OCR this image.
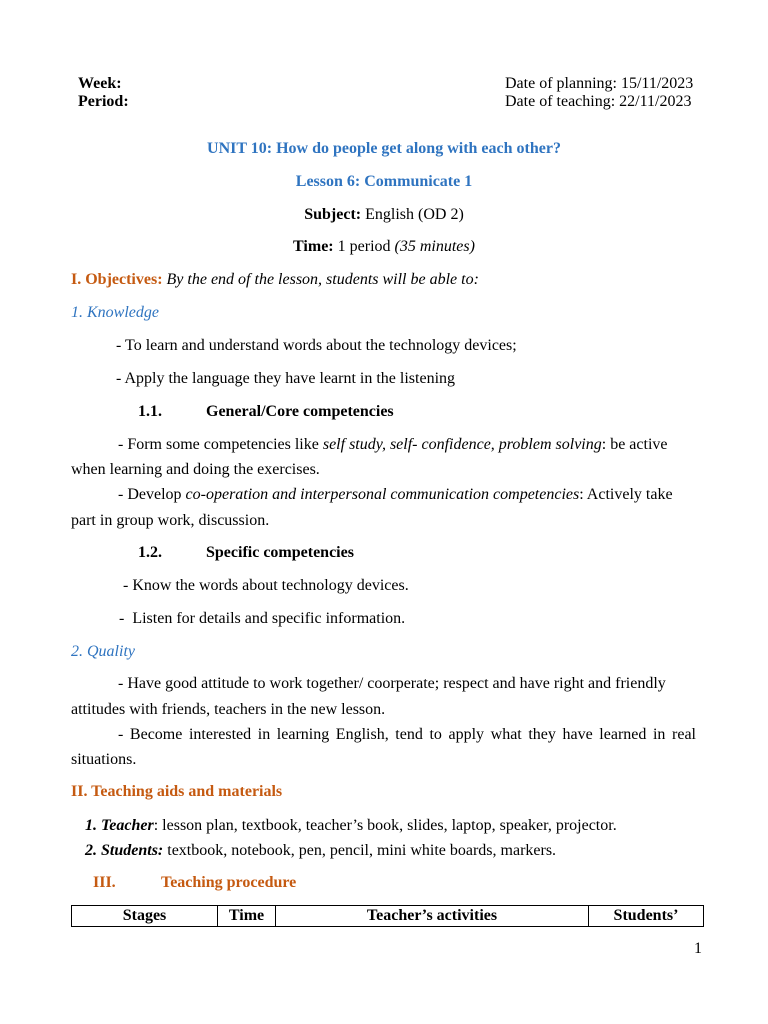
Week:
Period:
Date of planning: 15/11/2023
Date of teaching: 22/11/2023
UNIT 10: How do people get along with each other?
Lesson 6: Communicate 1
Subject: English (OD 2)
Time: 1 period (35 minutes)
I. Objectives: By the end of the lesson, students will be able to:
1. Knowledge
- To learn and understand words about the technology devices;
- Apply the language they have learnt in the listening
1.1.	General/Core competencies
- Form some competencies like self study, self- confidence, problem solving: be active
when learning and doing the exercises.
- Develop co-operation and interpersonal communication competencies: Actively take
part in group work, discussion.
1.2.	Specific competencies
- Know the words about technology devices.
-  Listen for details and specific information.
2. Quality
- Have good attitude to work together/ coorperate; respect and have right and friendly
attitudes with friends, teachers in the new lesson.
- Become interested in learning English, tend to apply what they have learned in real
situations.
II. Teaching aids and materials
1. Teacher: lesson plan, textbook, teacher’s book, slides, laptop, speaker, projector.
2. Students: textbook, notebook, pen, pencil, mini white boards, markers.
III.	Teaching procedure
Stages	Time	Teacher’s activities	Students’
1
